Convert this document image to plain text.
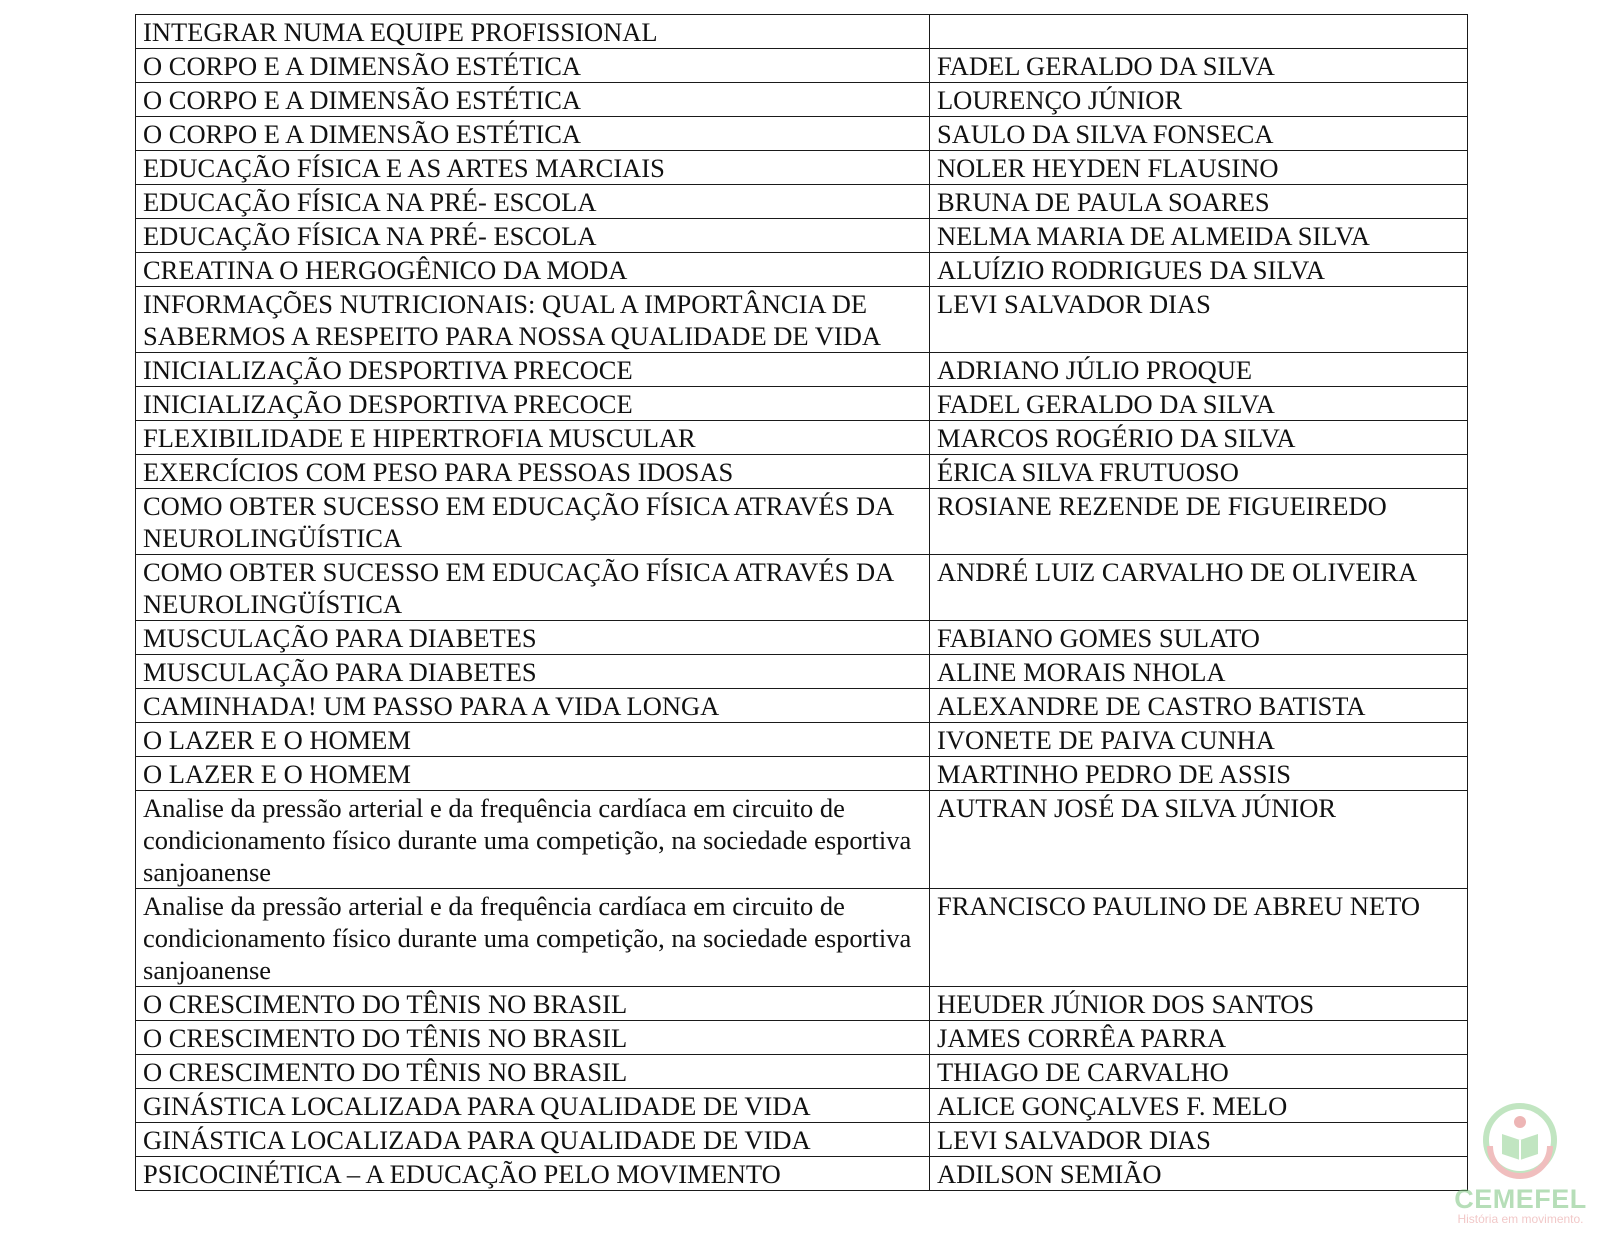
INTEGRAR NUMA EQUIPE PROFISSIONAL	
O CORPO E A DIMENSÃO ESTÉTICA	FADEL GERALDO DA SILVA
O CORPO E A DIMENSÃO ESTÉTICA	LOURENÇO JÚNIOR
O CORPO E A DIMENSÃO ESTÉTICA	SAULO DA SILVA FONSECA
EDUCAÇÃO FÍSICA E AS ARTES MARCIAIS	NOLER HEYDEN FLAUSINO
EDUCAÇÃO FÍSICA NA PRÉ- ESCOLA	BRUNA DE PAULA SOARES
EDUCAÇÃO FÍSICA NA PRÉ- ESCOLA	NELMA MARIA DE ALMEIDA SILVA
CREATINA O HERGOGÊNICO DA MODA	ALUÍZIO RODRIGUES DA SILVA
INFORMAÇÕES NUTRICIONAIS: QUAL A IMPORTÂNCIA DE SABERMOS A RESPEITO PARA NOSSA QUALIDADE DE VIDA	LEVI SALVADOR DIAS
INICIALIZAÇÃO DESPORTIVA PRECOCE	ADRIANO JÚLIO PROQUE
INICIALIZAÇÃO DESPORTIVA PRECOCE	FADEL GERALDO DA SILVA
FLEXIBILIDADE E HIPERTROFIA MUSCULAR	MARCOS ROGÉRIO DA SILVA
EXERCÍCIOS COM PESO PARA PESSOAS IDOSAS	ÉRICA SILVA FRUTUOSO
COMO OBTER SUCESSO EM EDUCAÇÃO FÍSICA ATRAVÉS DA NEUROLINGÜÍSTICA	ROSIANE REZENDE DE FIGUEIREDO
COMO OBTER SUCESSO EM EDUCAÇÃO FÍSICA ATRAVÉS DA NEUROLINGÜÍSTICA	ANDRÉ LUIZ CARVALHO DE OLIVEIRA
MUSCULAÇÃO PARA DIABETES	FABIANO GOMES SULATO
MUSCULAÇÃO PARA DIABETES	ALINE MORAIS NHOLA
CAMINHADA! UM PASSO PARA A VIDA LONGA	ALEXANDRE DE CASTRO BATISTA
O LAZER E O HOMEM	IVONETE DE PAIVA CUNHA
O LAZER E O HOMEM	MARTINHO PEDRO DE ASSIS
Analise da pressão arterial e da frequência cardíaca em circuito de condicionamento físico durante uma competição, na sociedade esportiva sanjoanense	AUTRAN JOSÉ DA SILVA JÚNIOR
Analise da pressão arterial e da frequência cardíaca em circuito de condicionamento físico durante uma competição, na sociedade esportiva sanjoanense	FRANCISCO PAULINO DE ABREU NETO
O CRESCIMENTO DO TÊNIS NO BRASIL	HEUDER JÚNIOR DOS SANTOS
O CRESCIMENTO DO TÊNIS NO BRASIL	JAMES CORRÊA PARRA
O CRESCIMENTO DO TÊNIS NO BRASIL	THIAGO DE CARVALHO
GINÁSTICA LOCALIZADA PARA QUALIDADE DE VIDA	ALICE GONÇALVES F. MELO
GINÁSTICA LOCALIZADA PARA QUALIDADE DE VIDA	LEVI SALVADOR DIAS
PSICOCINÉTICA – A EDUCAÇÃO PELO MOVIMENTO	ADILSON SEMIÃO
CEMEFEL
História em movimento.
